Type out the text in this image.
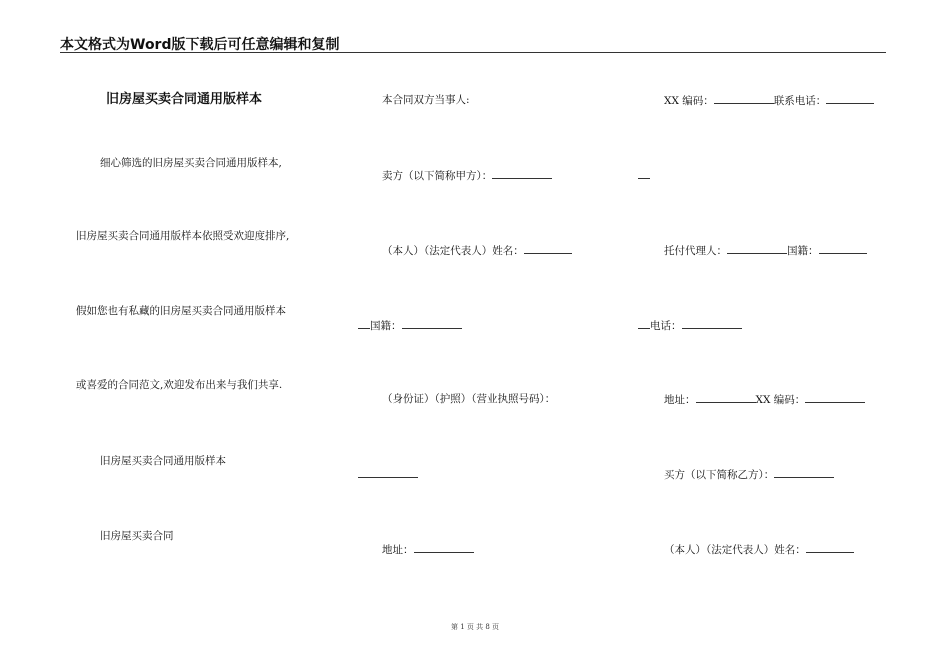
本文格式为Word版下载后可任意编辑和复制
旧房屋买卖合同通用版样本
细心筛选的旧房屋买卖合同通用版样本,
旧房屋买卖合同通用版样本依照受欢迎度排序,
假如您也有私藏的旧房屋买卖合同通用版样本
或喜爱的合同范文,欢迎发布出来与我们共享.
旧房屋买卖合同通用版样本
旧房屋买卖合同
本合同双方当事人:
卖方（以下简称甲方）：
（本人）（法定代表人）姓名：
国籍：
（身份证）（护照）（营业执照号码）：
地址：
XX 编码：	联系电话：
托付代理人：	国籍：
电话：
地址：	XX 编码：
买方（以下简称乙方）：
（本人）（法定代表人）姓名：
第 1 页 共 8 页
